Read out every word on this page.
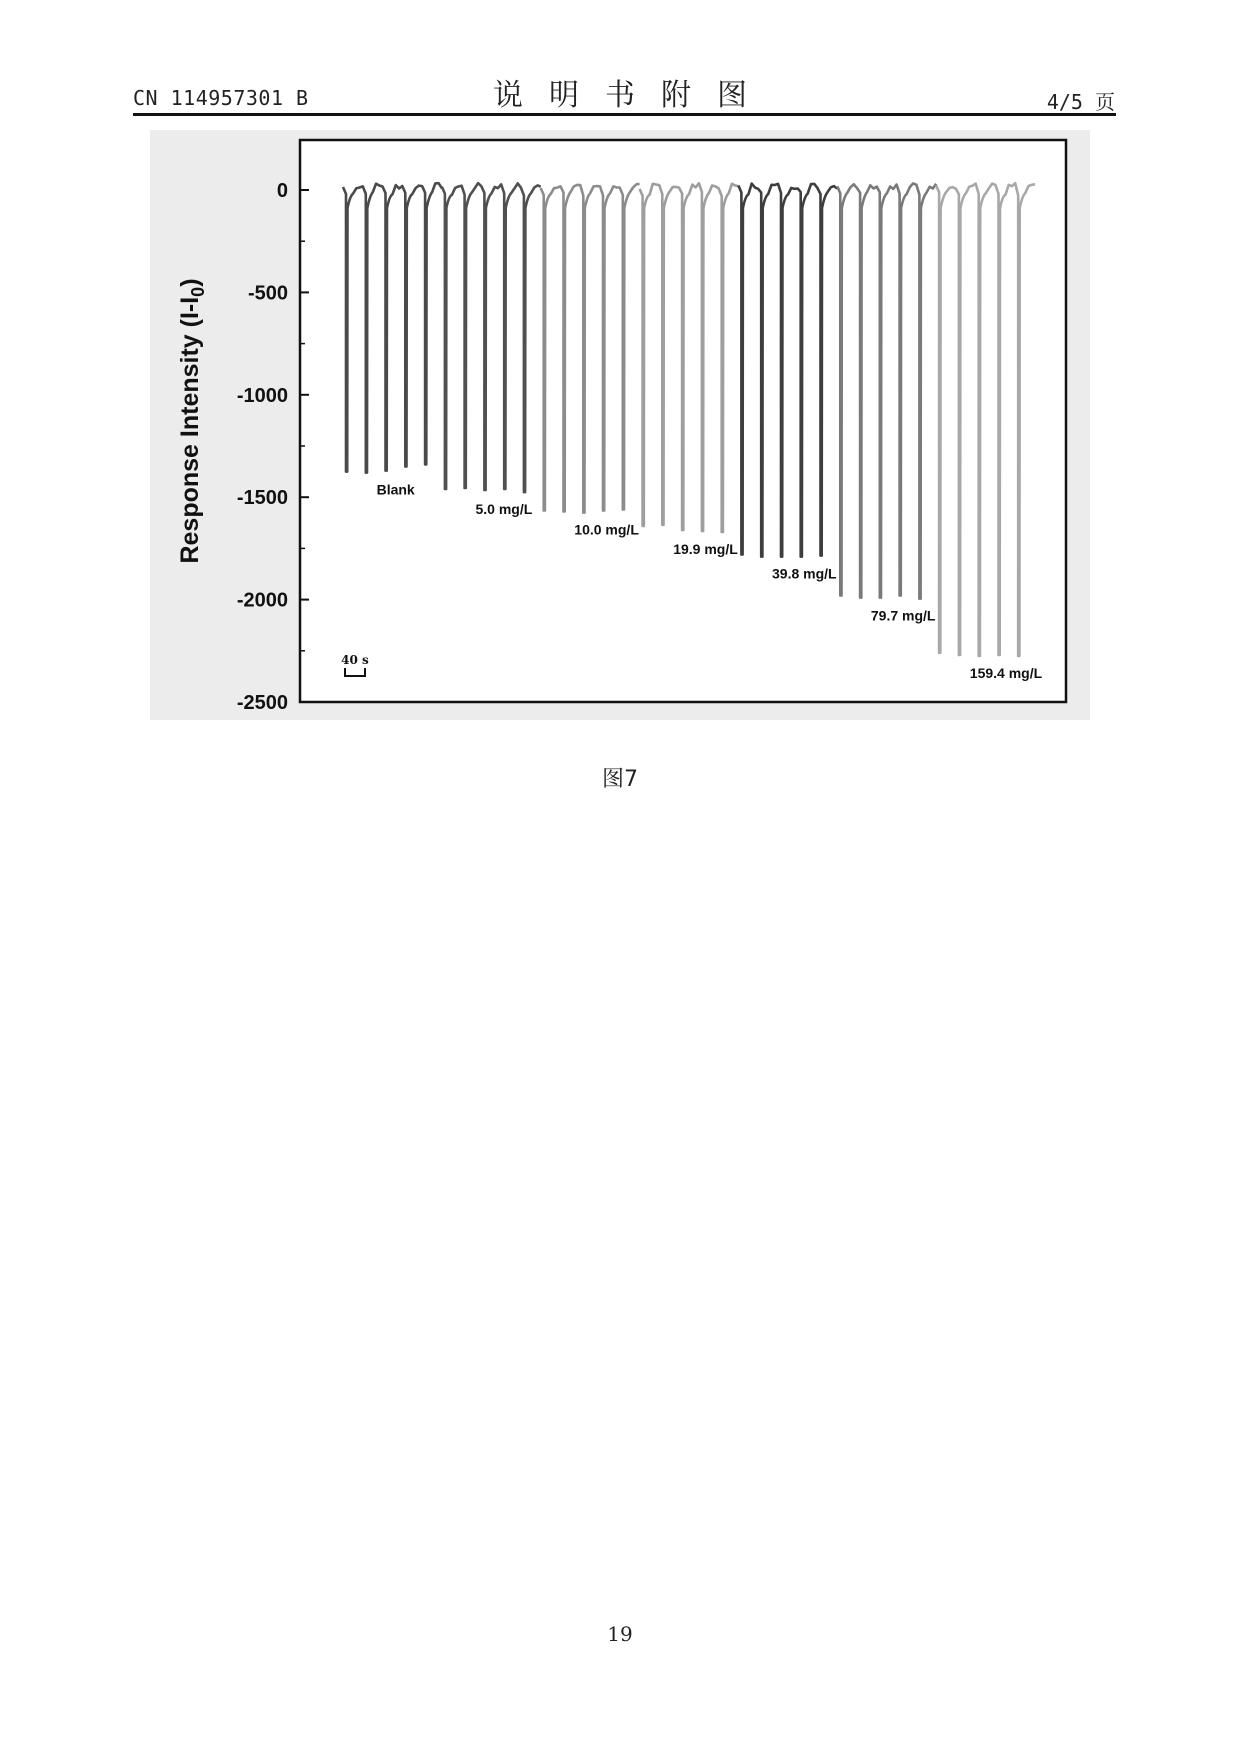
CN 114957301 B	说明书附图	4/5 页
0
-500
-1000
-1500
-2000
-2500
Blank
5.0 mg/L
10.0 mg/L
19.9 mg/L
39.8 mg/L
79.7 mg/L
159.4 mg/L
Response Intensity $(I-I_0)$
40 s
图7
19
